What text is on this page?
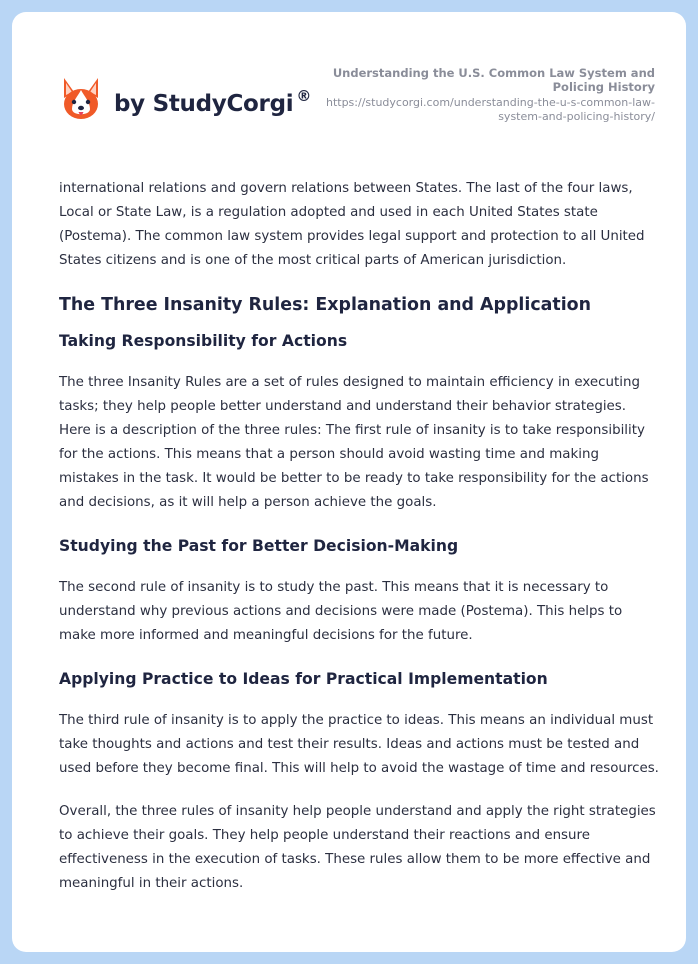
by StudyCorgi ®
Understanding the U.S. Common Law System and Policing History
https://studycorgi.com/understanding-the-u-s-common-law-system-and-policing-history/

international relations and govern relations between States. The last of the four laws, Local or State Law, is a regulation adopted and used in each United States state (Postema). The common law system provides legal support and protection to all United States citizens and is one of the most critical parts of American jurisdiction.

The Three Insanity Rules: Explanation and Application
Taking Responsibility for Actions

The three Insanity Rules are a set of rules designed to maintain efficiency in executing tasks; they help people better understand and understand their behavior strategies. Here is a description of the three rules: The first rule of insanity is to take responsibility for the actions. This means that a person should avoid wasting time and making mistakes in the task. It would be better to be ready to take responsibility for the actions and decisions, as it will help a person achieve the goals.

Studying the Past for Better Decision-Making

The second rule of insanity is to study the past. This means that it is necessary to understand why previous actions and decisions were made (Postema). This helps to make more informed and meaningful decisions for the future.

Applying Practice to Ideas for Practical Implementation

The third rule of insanity is to apply the practice to ideas. This means an individual must take thoughts and actions and test their results. Ideas and actions must be tested and used before they become final. This will help to avoid the wastage of time and resources.

Overall, the three rules of insanity help people understand and apply the right strategies to achieve their goals. They help people understand their reactions and ensure effectiveness in the execution of tasks. These rules allow them to be more effective and meaningful in their actions.
